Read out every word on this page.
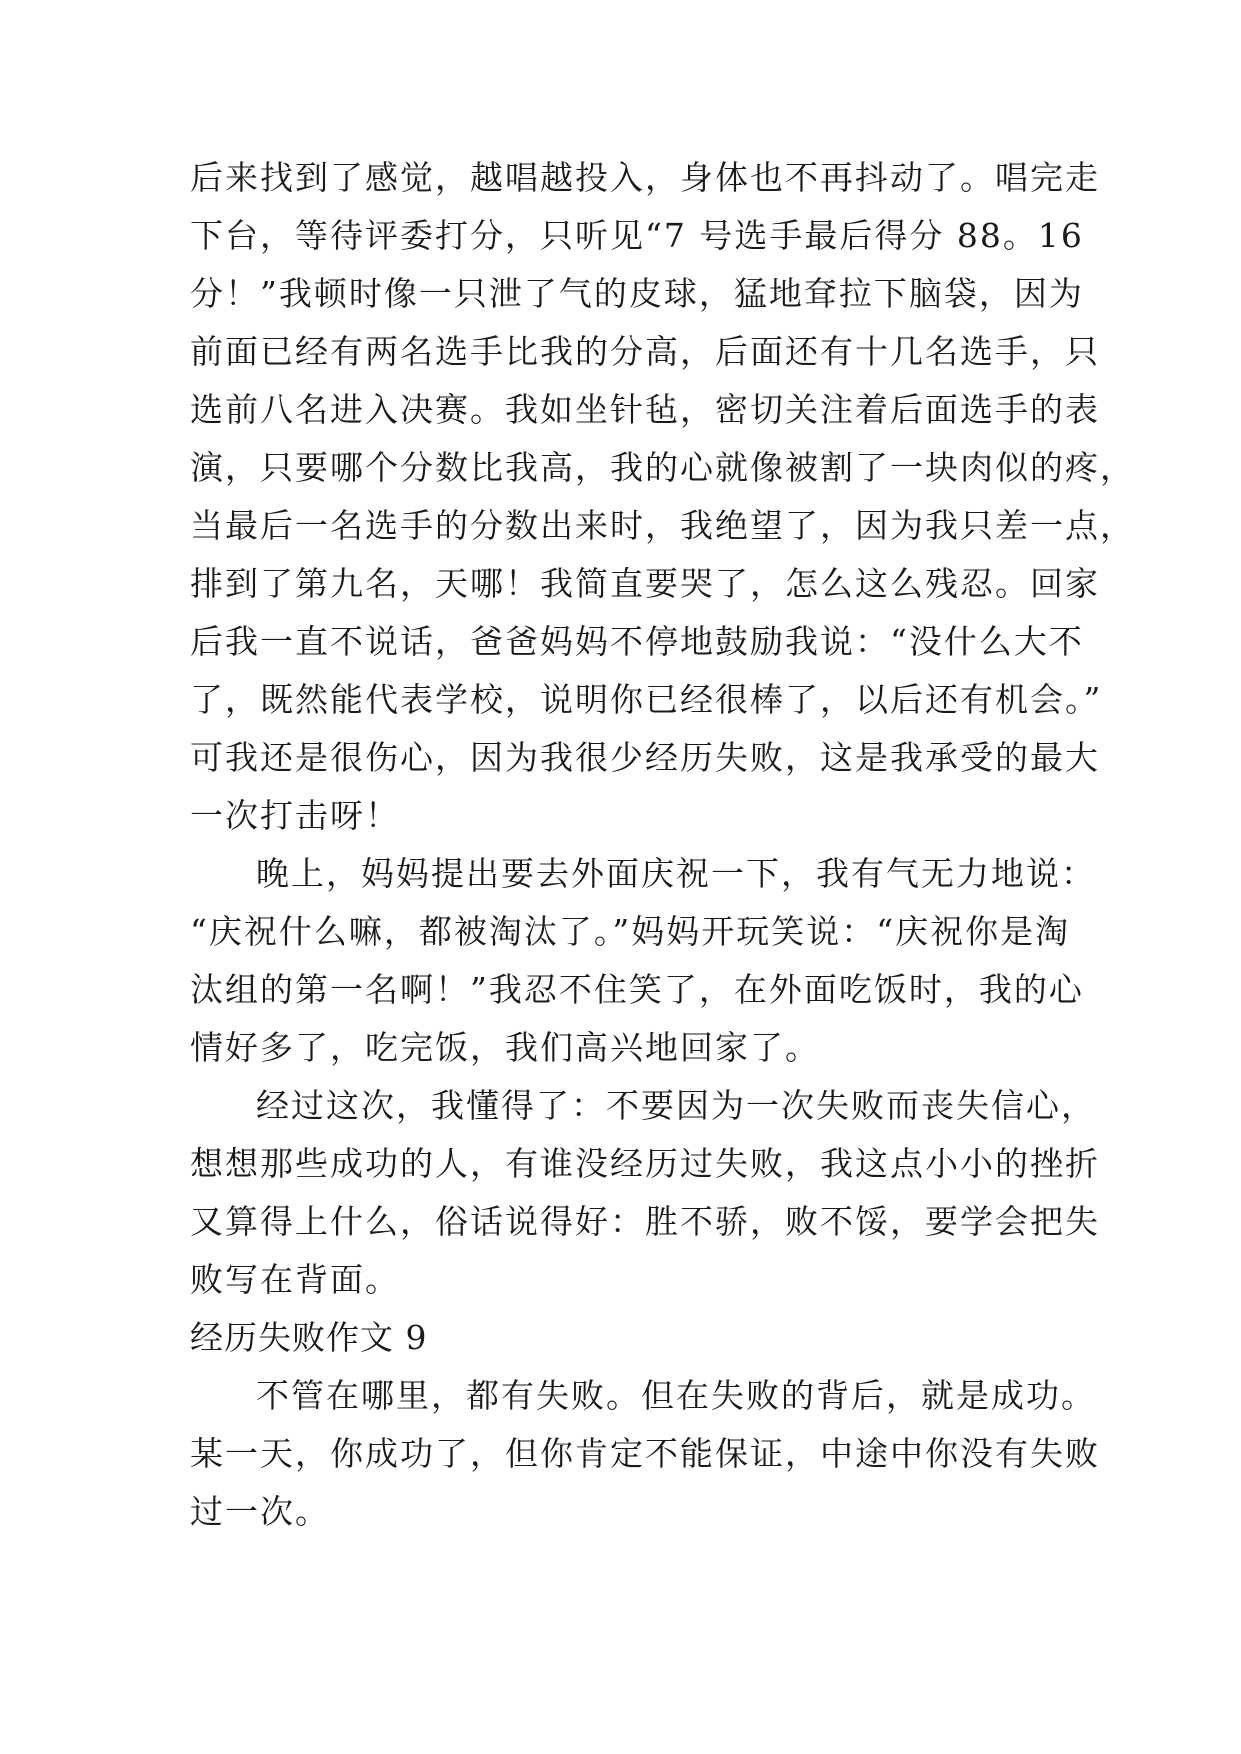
后来找到了感觉，越唱越投入，身体也不再抖动了。唱完走
下台，等待评委打分，只听见“7 号选手最后得分 88。16
分！”我顿时像一只泄了气的皮球，猛地耷拉下脑袋，因为
前面已经有两名选手比我的分高，后面还有十几名选手，只
选前八名进入决赛。我如坐针毡，密切关注着后面选手的表
演，只要哪个分数比我高，我的心就像被割了一块肉似的疼，
当最后一名选手的分数出来时，我绝望了，因为我只差一点，
排到了第九名，天哪！我简直要哭了，怎么这么残忍。回家
后我一直不说话，爸爸妈妈不停地鼓励我说：“没什么大不
了，既然能代表学校，说明你已经很棒了，以后还有机会。”
可我还是很伤心，因为我很少经历失败，这是我承受的最大
一次打击呀！
晚上，妈妈提出要去外面庆祝一下，我有气无力地说：
“庆祝什么嘛，都被淘汰了。”妈妈开玩笑说：“庆祝你是淘
汰组的第一名啊！”我忍不住笑了，在外面吃饭时，我的心
情好多了，吃完饭，我们高兴地回家了。
经过这次，我懂得了：不要因为一次失败而丧失信心，
想想那些成功的人，有谁没经历过失败，我这点小小的挫折
又算得上什么，俗话说得好：胜不骄，败不馁，要学会把失
败写在背面。
经历失败作文 9
不管在哪里，都有失败。但在失败的背后，就是成功。
某一天，你成功了，但你肯定不能保证，中途中你没有失败
过一次。
